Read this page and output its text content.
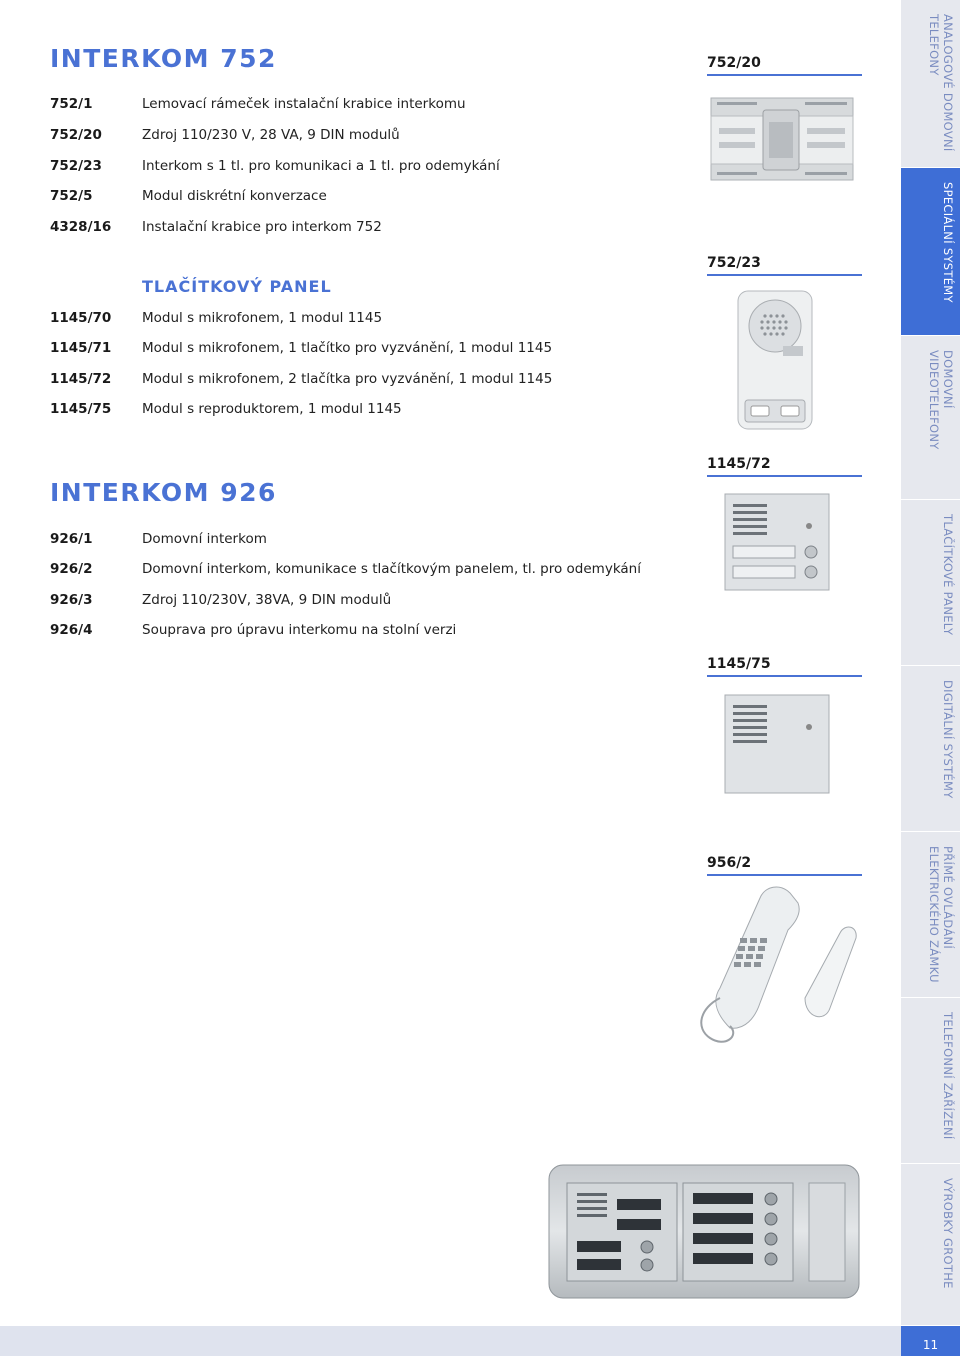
INTERKOM 752
752/1	Lemovací rámeček instalační krabice interkomu
752/20	Zdroj 110/230 V, 28 VA, 9 DIN modulů
752/23	Interkom s 1 tl. pro komunikaci a 1 tl. pro odemykání
752/5	Modul diskrétní konverzace
4328/16	Instalační krabice pro interkom 752
TLAČÍTKOVÝ PANEL
1145/70	Modul s mikrofonem, 1 modul 1145
1145/71	Modul s mikrofonem, 1 tlačítko pro vyzvánění, 1 modul 1145
1145/72	Modul s mikrofonem, 2 tlačítka pro vyzvánění, 1 modul 1145
1145/75	Modul s reproduktorem, 1 modul 1145
INTERKOM 926
926/1	Domovní interkom
926/2	Domovní interkom, komunikace s tlačítkovým panelem, tl. pro odemykání
926/3	Zdroj 110/230V, 38VA, 9 DIN modulů
926/4	Souprava pro úpravu interkomu na stolní verzi
752/20
752/23
1145/72
1145/75
956/2
ANALOGOVÉ DOMOVNÍ
TELEFONY
SPECIÁLNÍ SYSTÉMY
DOMOVNÍ
VIDEOTELEFONY
TLAČÍTKOVÉ PANELY
DIGITÁLNÍ SYSTÉMY
PŘÍMÉ OVLÁDÁNÍ
ELEKTRICKÉHO ZÁMKU
TELEFONNÍ ZAŘÍZENÍ
VÝROBKY GROTHE
11
